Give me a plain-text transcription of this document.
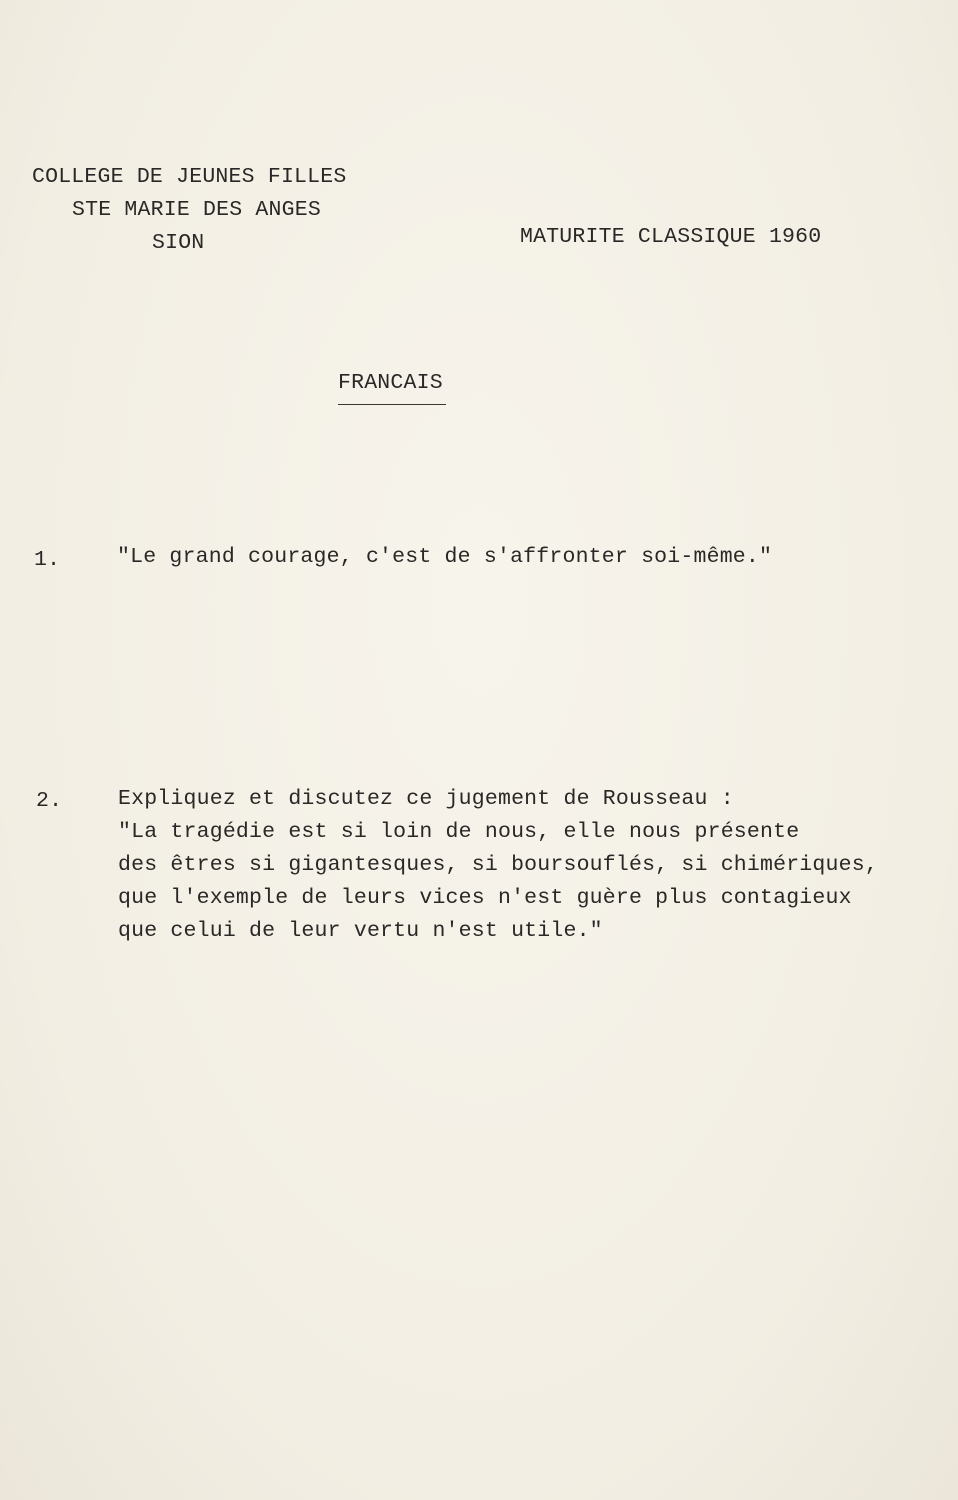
COLLEGE DE JEUNES FILLES
STE MARIE DES ANGES
SION	MATURITE CLASSIQUE 1960
FRANCAIS
1.	"Le grand courage, c'est de s'affronter soi-même."
2.	Expliquez et discutez ce jugement de Rousseau :
"La tragédie est si loin de nous, elle nous présente
des êtres si gigantesques, si boursouflés, si chimériques,
que l'exemple de leurs vices n'est guère plus contagieux
que celui de leur vertu n'est utile."
